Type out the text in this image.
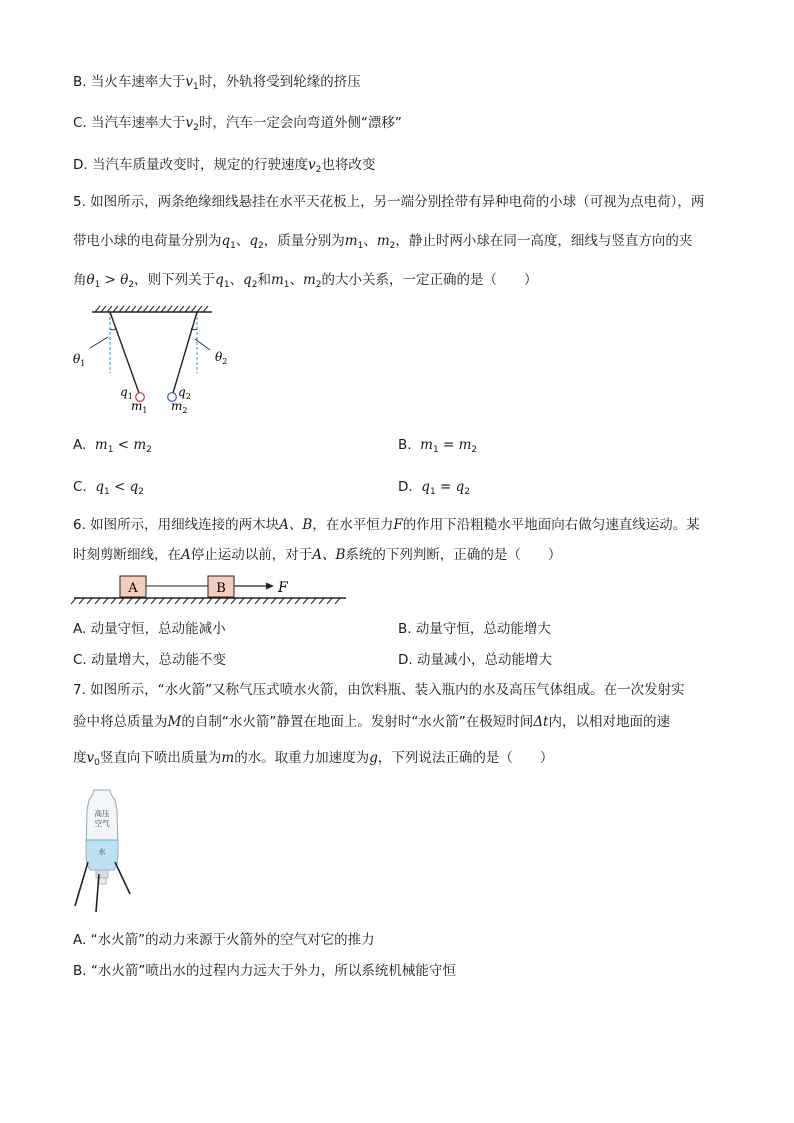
B. 当火车速率大于$v_1$时，外轨将受到轮缘的挤压
C. 当汽车速率大于$v_2$时，汽车一定会向弯道外侧“漂移”
D. 当汽车质量改变时，规定的行驶速度$v_2$也将改变
5. 如图所示，两条绝缘细线悬挂在水平天花板上，另一端分别拴带有异种电荷的小球（可视为点电荷），两
带电小球的电荷量分别为$q_1$、$q_2$，质量分别为$m_1$、$m_2$，静止时两小球在同一高度，细线与竖直方向的夹
角$\theta_1 > \theta_2$，则下列关于$q_1$、$q_2$和$m_1$、$m_2$的大小关系，一定正确的是（　　）
$\theta_1$	$\theta_2$
$q_1$	$q_2$
$m_1$ $m_2$
A. $m_1 < m_2$	B. $m_1 = m_2$
C. $q_1 < q_2$	D. $q_1 = q_2$
6. 如图所示，用细线连接的两木块A、B，在水平恒力F的作用下沿粗糙水平地面向右做匀速直线运动。某
时刻剪断细线，在A停止运动以前，对于A、B系统的下列判断，正确的是（　　）
A	B	F
A. 动量守恒，总动能减小	B. 动量守恒，总动能增大
C. 动量增大，总动能不变	D. 动量减小，总动能增大
7. 如图所示，“水火箭”又称气压式喷水火箭，由饮料瓶、装入瓶内的水及高压气体组成。在一次发射实
验中将总质量为M的自制“水火箭”静置在地面上。发射时“水火箭”在极短时间Δt内，以相对地面的速
度$v_0$竖直向下喷出质量为m的水。取重力加速度为g，下列说法正确的是（　　）
高压
空气
水
A. “水火箭”的动力来源于火箭外的空气对它的推力
B. “水火箭”喷出水的过程内力远大于外力，所以系统机械能守恒
